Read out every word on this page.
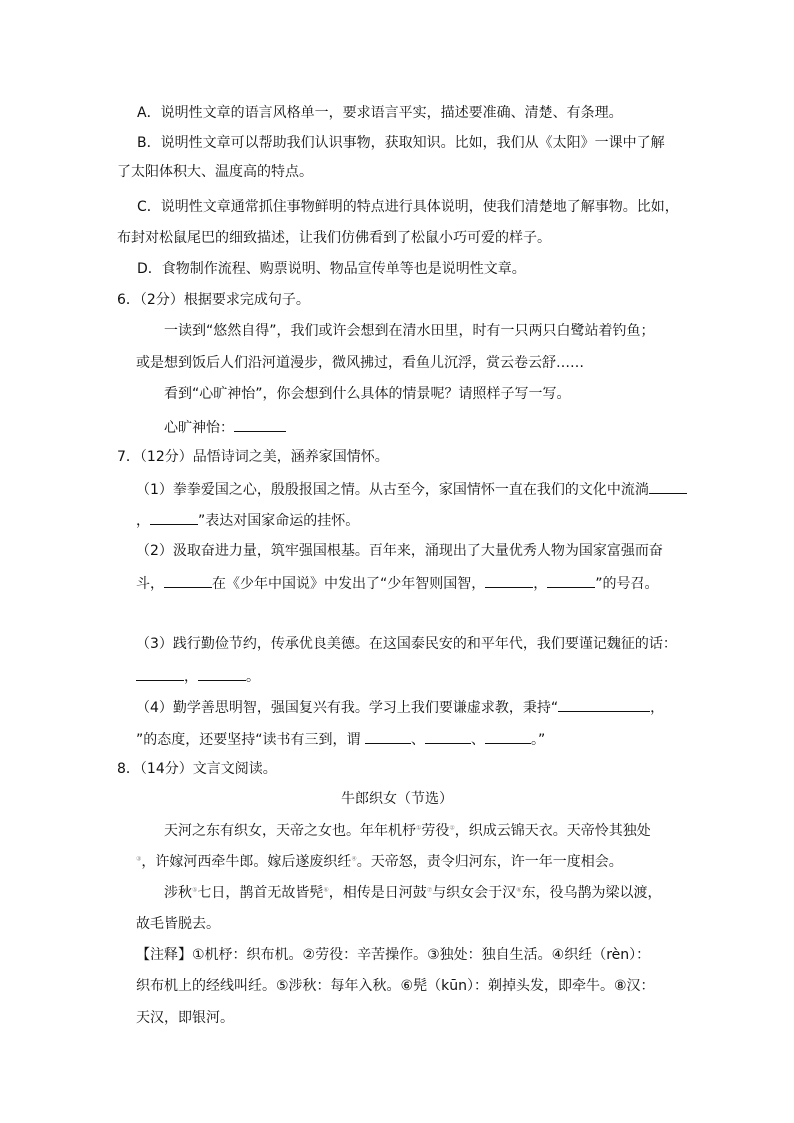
A．说明性文章的语言风格单一，要求语言平实，描述要准确、清楚、有条理。
B．说明性文章可以帮助我们认识事物，获取知识。比如，我们从《太阳》一课中了解
了太阳体积大、温度高的特点。
C．说明性文章通常抓住事物鲜明的特点进行具体说明，使我们清楚地了解事物。比如，
布封对松鼠尾巴的细致描述，让我们仿佛看到了松鼠小巧可爱的样子。
D．食物制作流程、购票说明、物品宣传单等也是说明性文章。
6．（2分）根据要求完成句子。
一读到“悠然自得”，我们或许会想到在清水田里，时有一只两只白鹭站着钓鱼；
或是想到饭后人们沿河道漫步，微风拂过，看鱼儿沉浮，赏云卷云舒……
看到“心旷神怡”，你会想到什么具体的情景呢？请照样子写一写。
心旷神怡：
7．（12分）品悟诗词之美，涵养家国情怀。
（1）拳拳爱国之心，殷殷报国之情。从古至今，家国情怀一直在我们的文化中流淌
，	”表达对国家命运的挂怀。
（2）汲取奋进力量，筑牢强国根基。百年来，涌现出了大量优秀人物为国家富强而奋
斗，	在《少年中国说》中发出了“少年智则国智，	，	”的号召。
（3）践行勤俭节约，传承优良美德。在这国泰民安的和平年代，我们要谨记魏征的话：
，	。
（4）勤学善思明智，强国复兴有我。学习上我们要谦虚求教，秉持“	，
”的态度，还要坚持“读书有三到，谓	、	、	。”
8．（14分）文言文阅读。
牛郎织女（节选）
天河之东有织女，天帝之女也。年年机杼①劳役②，织成云锦天衣。天帝怜其独处
③，许嫁河西牵牛郎。嫁后遂废织纴④。天帝怒，责令归河东，许一年一度相会。
涉秋⑤七日，鹊首无故皆髡⑥，相传是日河鼓⑦与织女会于汉⑧东，役乌鹊为梁以渡，
故毛皆脱去。
【注释】①机杼：织布机。②劳役：辛苦操作。③独处：独自生活。④织纴（rèn）：
织布机上的经线叫纴。⑤涉秋：每年入秋。⑥髡（kūn）：剃掉头发，即牵牛。⑧汉：
天汉，即银河。
